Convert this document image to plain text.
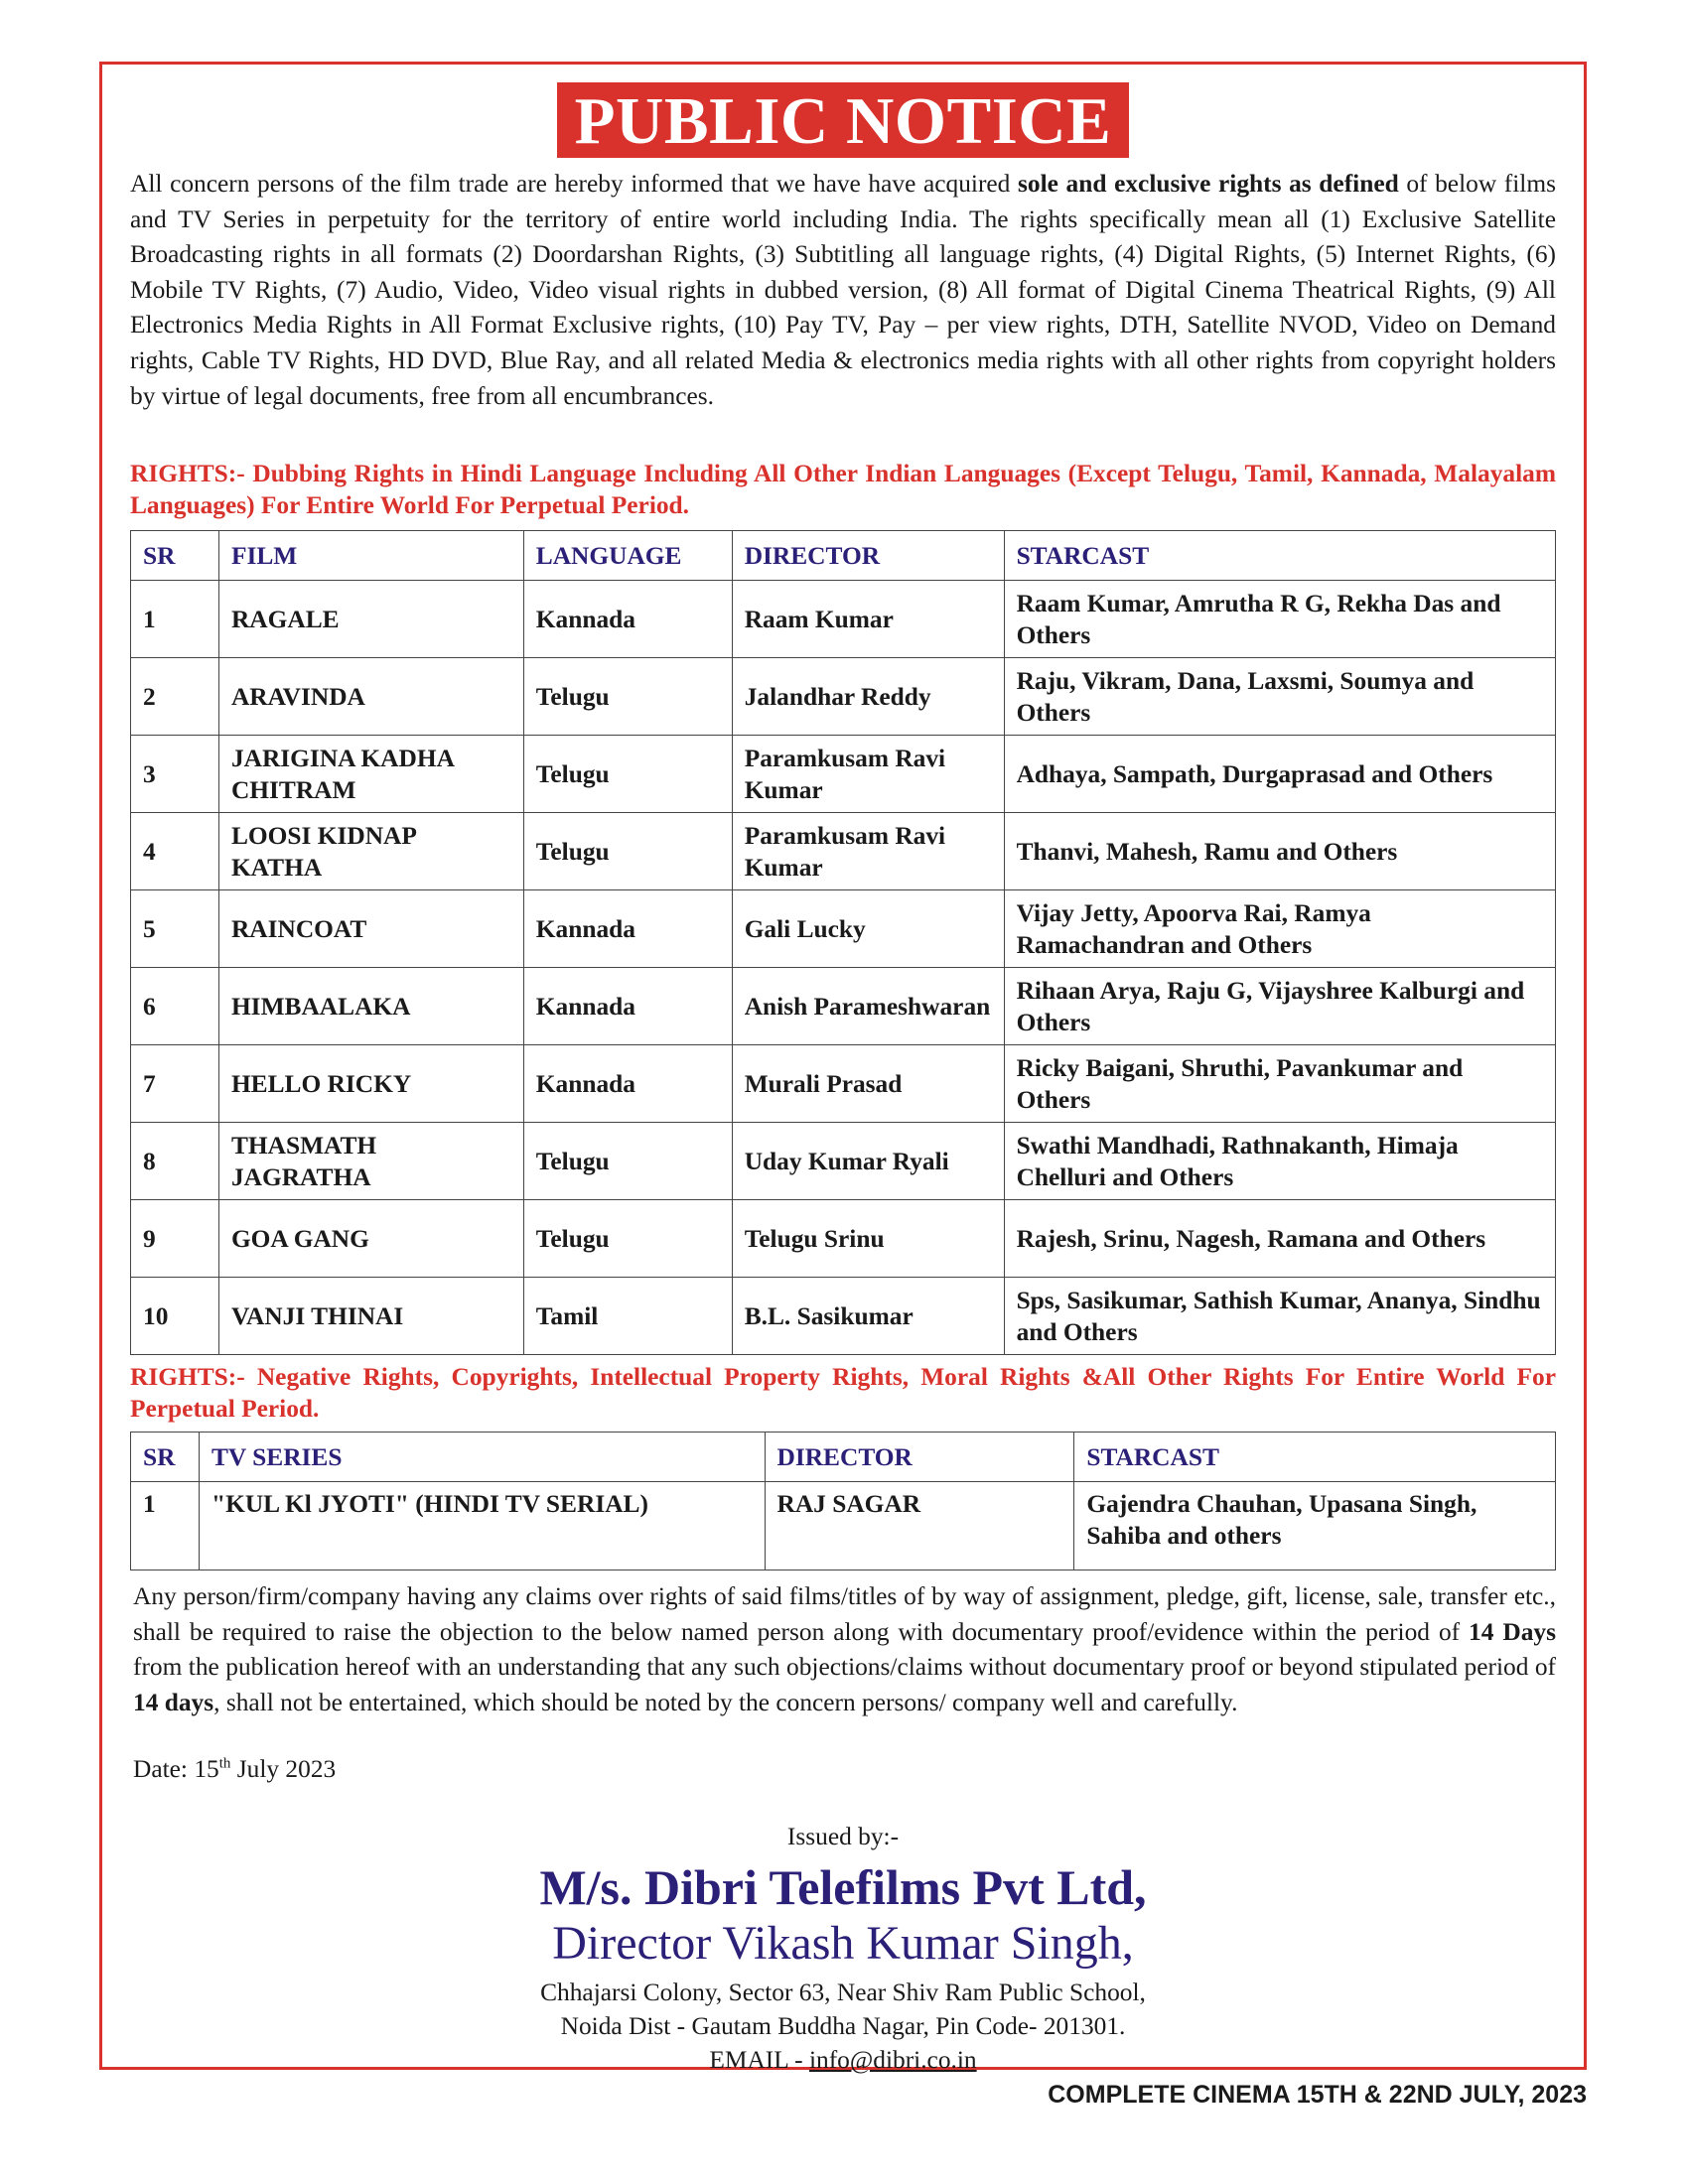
PUBLIC NOTICE

All concern persons of the film trade are hereby informed that we have have acquired sole and exclusive rights as defined of below films and TV Series in perpetuity for the territory of entire world including India. The rights specifically mean all (1) Exclusive Satellite Broadcasting rights in all formats (2) Doordarshan Rights, (3) Subtitling all language rights, (4) Digital Rights, (5) Internet Rights, (6) Mobile TV Rights, (7) Audio, Video, Video visual rights in dubbed version, (8) All format of Digital Cinema Theatrical Rights, (9) All Electronics Media Rights in All Format Exclusive rights, (10) Pay TV, Pay – per view rights, DTH, Satellite NVOD, Video on Demand rights, Cable TV Rights, HD DVD, Blue Ray, and all related Media & electronics media rights with all other rights from copyright holders by virtue of legal documents, free from all encumbrances.

RIGHTS:- Dubbing Rights in Hindi Language Including All Other Indian Languages (Except Telugu, Tamil, Kannada, Malayalam Languages) For Entire World For Perpetual Period.

SR	FILM	LANGUAGE	DIRECTOR	STARCAST
1	RAGALE	Kannada	Raam Kumar	Raam Kumar, Amrutha R G, Rekha Das and Others
2	ARAVINDA	Telugu	Jalandhar Reddy	Raju, Vikram, Dana, Laxsmi, Soumya and Others
3	JARIGINA KADHA CHITRAM	Telugu	Paramkusam Ravi Kumar	Adhaya, Sampath, Durgaprasad and Others
4	LOOSI KIDNAP KATHA	Telugu	Paramkusam Ravi Kumar	Thanvi, Mahesh, Ramu and Others
5	RAINCOAT	Kannada	Gali Lucky	Vijay Jetty, Apoorva Rai, Ramya Ramachandran and Others
6	HIMBAALAKA	Kannada	Anish Parameshwaran	Rihaan Arya, Raju G, Vijayshree Kalburgi and Others
7	HELLO RICKY	Kannada	Murali Prasad	Ricky Baigani, Shruthi, Pavankumar and Others
8	THASMATH JAGRATHA	Telugu	Uday Kumar Ryali	Swathi Mandhadi, Rathnakanth, Himaja Chelluri and Others
9	GOA GANG	Telugu	Telugu Srinu	Rajesh, Srinu, Nagesh, Ramana and Others
10	VANJI THINAI	Tamil	B.L. Sasikumar	Sps, Sasikumar, Sathish Kumar, Ananya, Sindhu and Others

RIGHTS:- Negative Rights, Copyrights, Intellectual Property Rights, Moral Rights &All Other Rights For Entire World For Perpetual Period.

SR	TV SERIES	DIRECTOR	STARCAST
1	"KUL Kl JYOTI" (HINDI TV SERIAL)	RAJ SAGAR	Gajendra Chauhan, Upasana Singh, Sahiba and others

Any person/firm/company having any claims over rights of said films/titles of by way of assignment, pledge, gift, license, sale, transfer etc., shall be required to raise the objection to the below named person along with documentary proof/evidence within the period of 14 Days from the publication hereof with an understanding that any such objections/claims without documentary proof or beyond stipulated period of 14 days, shall not be entertained, which should be noted by the concern persons/ company well and carefully.

Date: 15th July 2023

Issued by:-

M/s. Dibri Telefilms Pvt Ltd,

Director Vikash Kumar Singh,

Chhajarsi Colony, Sector 63, Near Shiv Ram Public School,

Noida Dist - Gautam Buddha Nagar, Pin Code- 201301.

EMAIL - info@dibri.co.in

COMPLETE CINEMA 15TH & 22ND JULY, 2023
